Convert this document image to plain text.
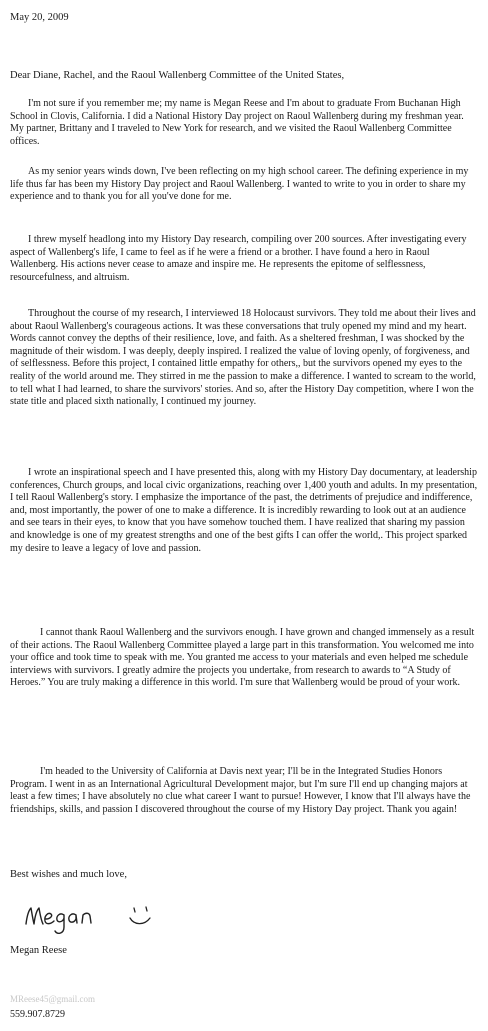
May 20, 2009
Dear Diane, Rachel, and the Raoul Wallenberg Committee of the United States,

I'm not sure if you remember me; my name is Megan Reese and I'm about to graduate From Buchanan High School in Clovis, California. I did a National History Day project on Raoul Wallenberg during my freshman year. My partner, Brittany and I traveled to New York for research, and we visited the Raoul Wallenberg Committee offices.

As my senior years winds down, I've been reflecting on my high school career. The defining experience in my life thus far has been my History Day project and Raoul Wallenberg. I wanted to write to you in order to share my experience and to thank you for all you've done for me.

I threw myself headlong into my History Day research, compiling over 200 sources. After investigating every aspect of Wallenberg's life, I came to feel as if he were a friend or a brother. I have found a hero in Raoul Wallenberg. His actions never cease to amaze and inspire me. He represents the epitome of selflessness, resourcefulness, and altruism.

Throughout the course of my research, I interviewed 18 Holocaust survivors. They told me about their lives and about Raoul Wallenberg's courageous actions. It was these conversations that truly opened my mind and my heart. Words cannot convey the depths of their resilience, love, and faith. As a sheltered freshman, I was shocked by the magnitude of their wisdom. I was deeply, deeply inspired. I realized the value of loving openly, of forgiveness, and of selflessness. Before this project, I contained little empathy for others,, but the survivors opened my eyes to the reality of the world around me. They stirred in me the passion to make a difference. I wanted to scream to the world, to tell what I had learned, to share the survivors' stories. And so, after the History Day competition, where I won the state title and placed sixth nationally, I continued my journey.

I wrote an inspirational speech and I have presented this, along with my History Day documentary, at leadership conferences, Church groups, and local civic organizations, reaching over 1,400 youth and adults. In my presentation, I tell Raoul Wallenberg's story. I emphasize the importance of the past, the detriments of prejudice and indifference, and, most importantly, the power of one to make a difference. It is incredibly rewarding to look out at an audience and see tears in their eyes, to know that you have somehow touched them. I have realized that sharing my passion and knowledge is one of my greatest strengths and one of the best gifts I can offer the world,. This project sparked my desire to leave a legacy of love and passion.

I cannot thank Raoul Wallenberg and the survivors enough. I have grown and changed immensely as a result of their actions. The Raoul Wallenberg Committee played a large part in this transformation. You welcomed me into your office and took time to speak with me. You granted me access to your materials and even helped me schedule interviews with survivors. I greatly admire the projects you undertake, from research to awards to “A Study of Heroes.” You are truly making a difference in this world. I'm sure that Wallenberg would be proud of your work.

I'm headed to the University of California at Davis next year; I'll be in the Integrated Studies Honors Program. I went in as an International Agricultural Development major, but I'm sure I'll end up changing majors at least a few times; I have absolutely no clue what career I want to pursue! However, I know that I'll always have the friendships, skills, and passion I discovered throughout the course of my History Day project. Thank you again!

Best wishes and much love,
Megan Reese
MReese45@gmail.com
559.907.8729
